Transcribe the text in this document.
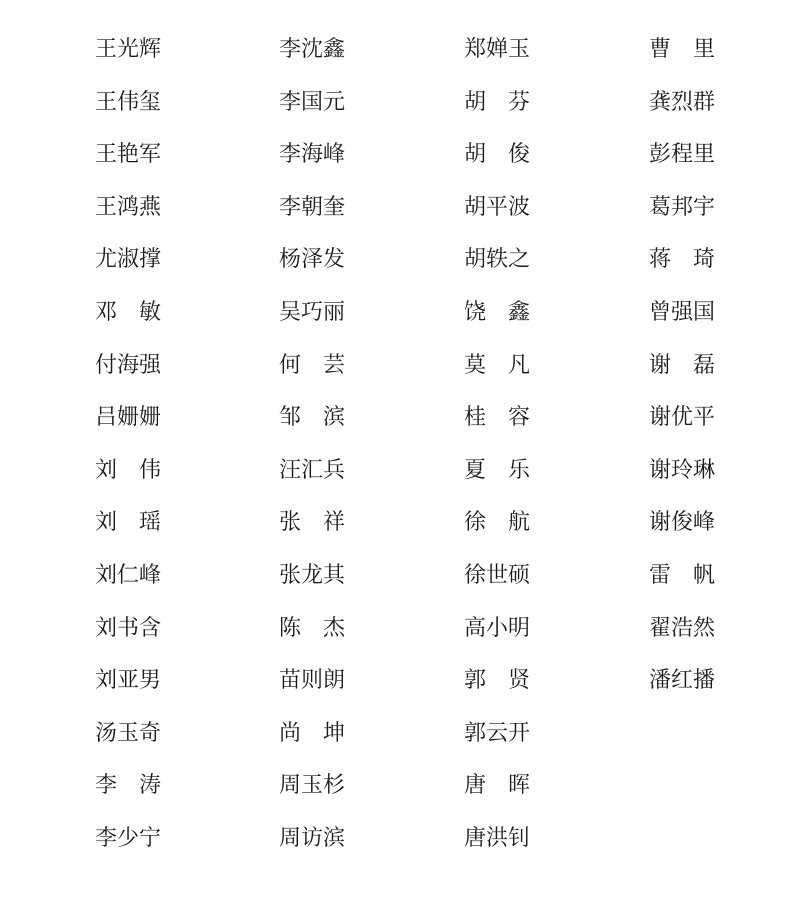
王光辉
王伟玺
王艳军
王鸿燕
尤淑撑
邓　 敏
付海强
吕姗姗
刘　 伟
刘　 瑶
刘仁峰
刘书含
刘亚男
汤玉奇
李　 涛
李少宁
李沈鑫
李国元
李海峰
李朝奎
杨泽发
吴巧丽
何　 芸
邹　 滨
汪汇兵
张　 祥
张龙其
陈　 杰
苗则朗
尚　 坤
周玉杉
周访滨
郑婵玉
胡　 芬
胡　 俊
胡平波
胡轶之
饶　 鑫
莫　 凡
桂　 容
夏　 乐
徐　 航
徐世硕
高小明
郭　 贤
郭云开
唐　 晖
唐洪钊
曹　 里
龚烈群
彭程里
葛邦宇
蒋　 琦
曾强国
谢　 磊
谢优平
谢玲琳
谢俊峰
雷　 帆
翟浩然
潘红播
